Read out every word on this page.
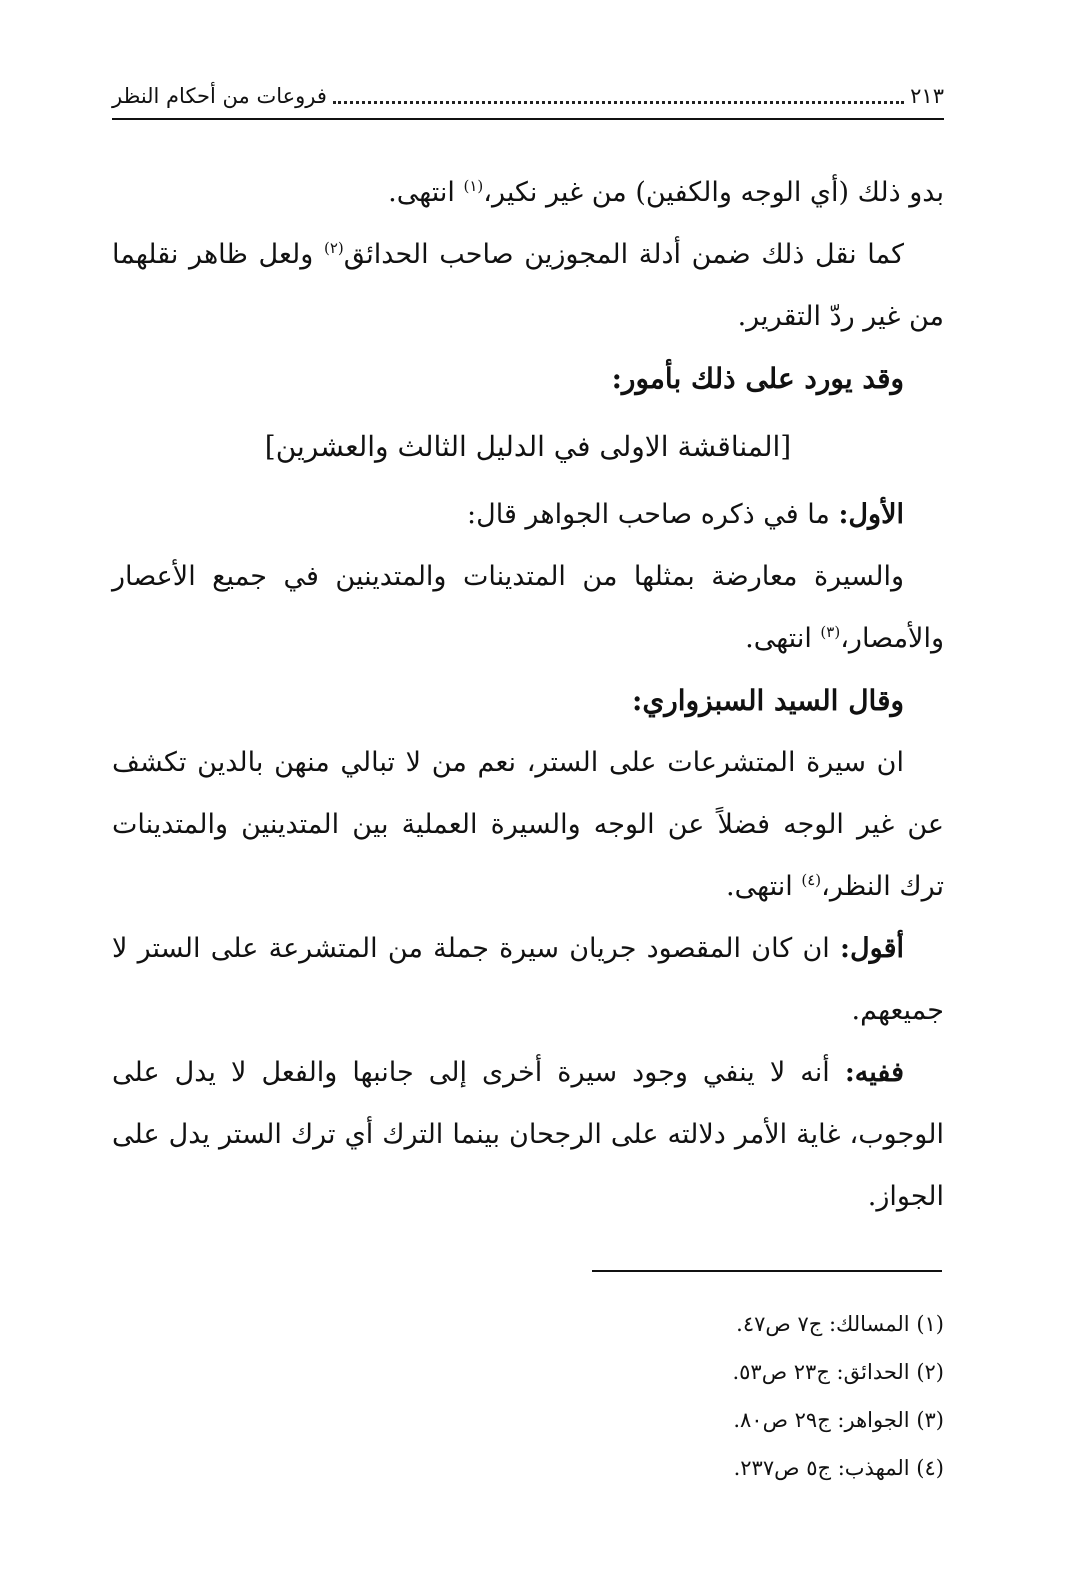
٢١٣
فروعات من أحكام النظر

بدو ذلك (أي الوجه والكفين) من غير نكير،$^{(١)}$ انتهى.

كما نقل ذلك ضمن أدلة المجوزين صاحب الحدائق$^{(٢)}$ ولعل ظاهر نقلهما من غير ردّ التقرير.

وقد يورد على ذلك بأمور:

[المناقشة الاولى في الدليل الثالث والعشرين]

الأول: ما في ذكره صاحب الجواهر قال:

والسيرة معارضة بمثلها من المتدينات والمتدينين في جميع الأعصار والأمصار،$^{(٣)}$ انتهى.

وقال السيد السبزواري:

ان سيرة المتشرعات على الستر، نعم من لا تبالي منهن بالدين تكشف عن غير الوجه فضلاً عن الوجه والسيرة العملية بين المتدينين والمتدينات ترك النظر،$^{(٤)}$ انتهى.

أقول: ان كان المقصود جريان سيرة جملة من المتشرعة على الستر لا جميعهم.

ففيه: أنه لا ينفي وجود سيرة أخرى إلى جانبها والفعل لا يدل على الوجوب، غاية الأمر دلالته على الرجحان بينما الترك أي ترك الستر يدل على الجواز.

(١) المسالك: ج٧ ص٤٧.
(٢) الحدائق: ج٢٣ ص٥٣.
(٣) الجواهر: ج٢٩ ص٨٠.
(٤) المهذب: ج٥ ص٢٣٧.
